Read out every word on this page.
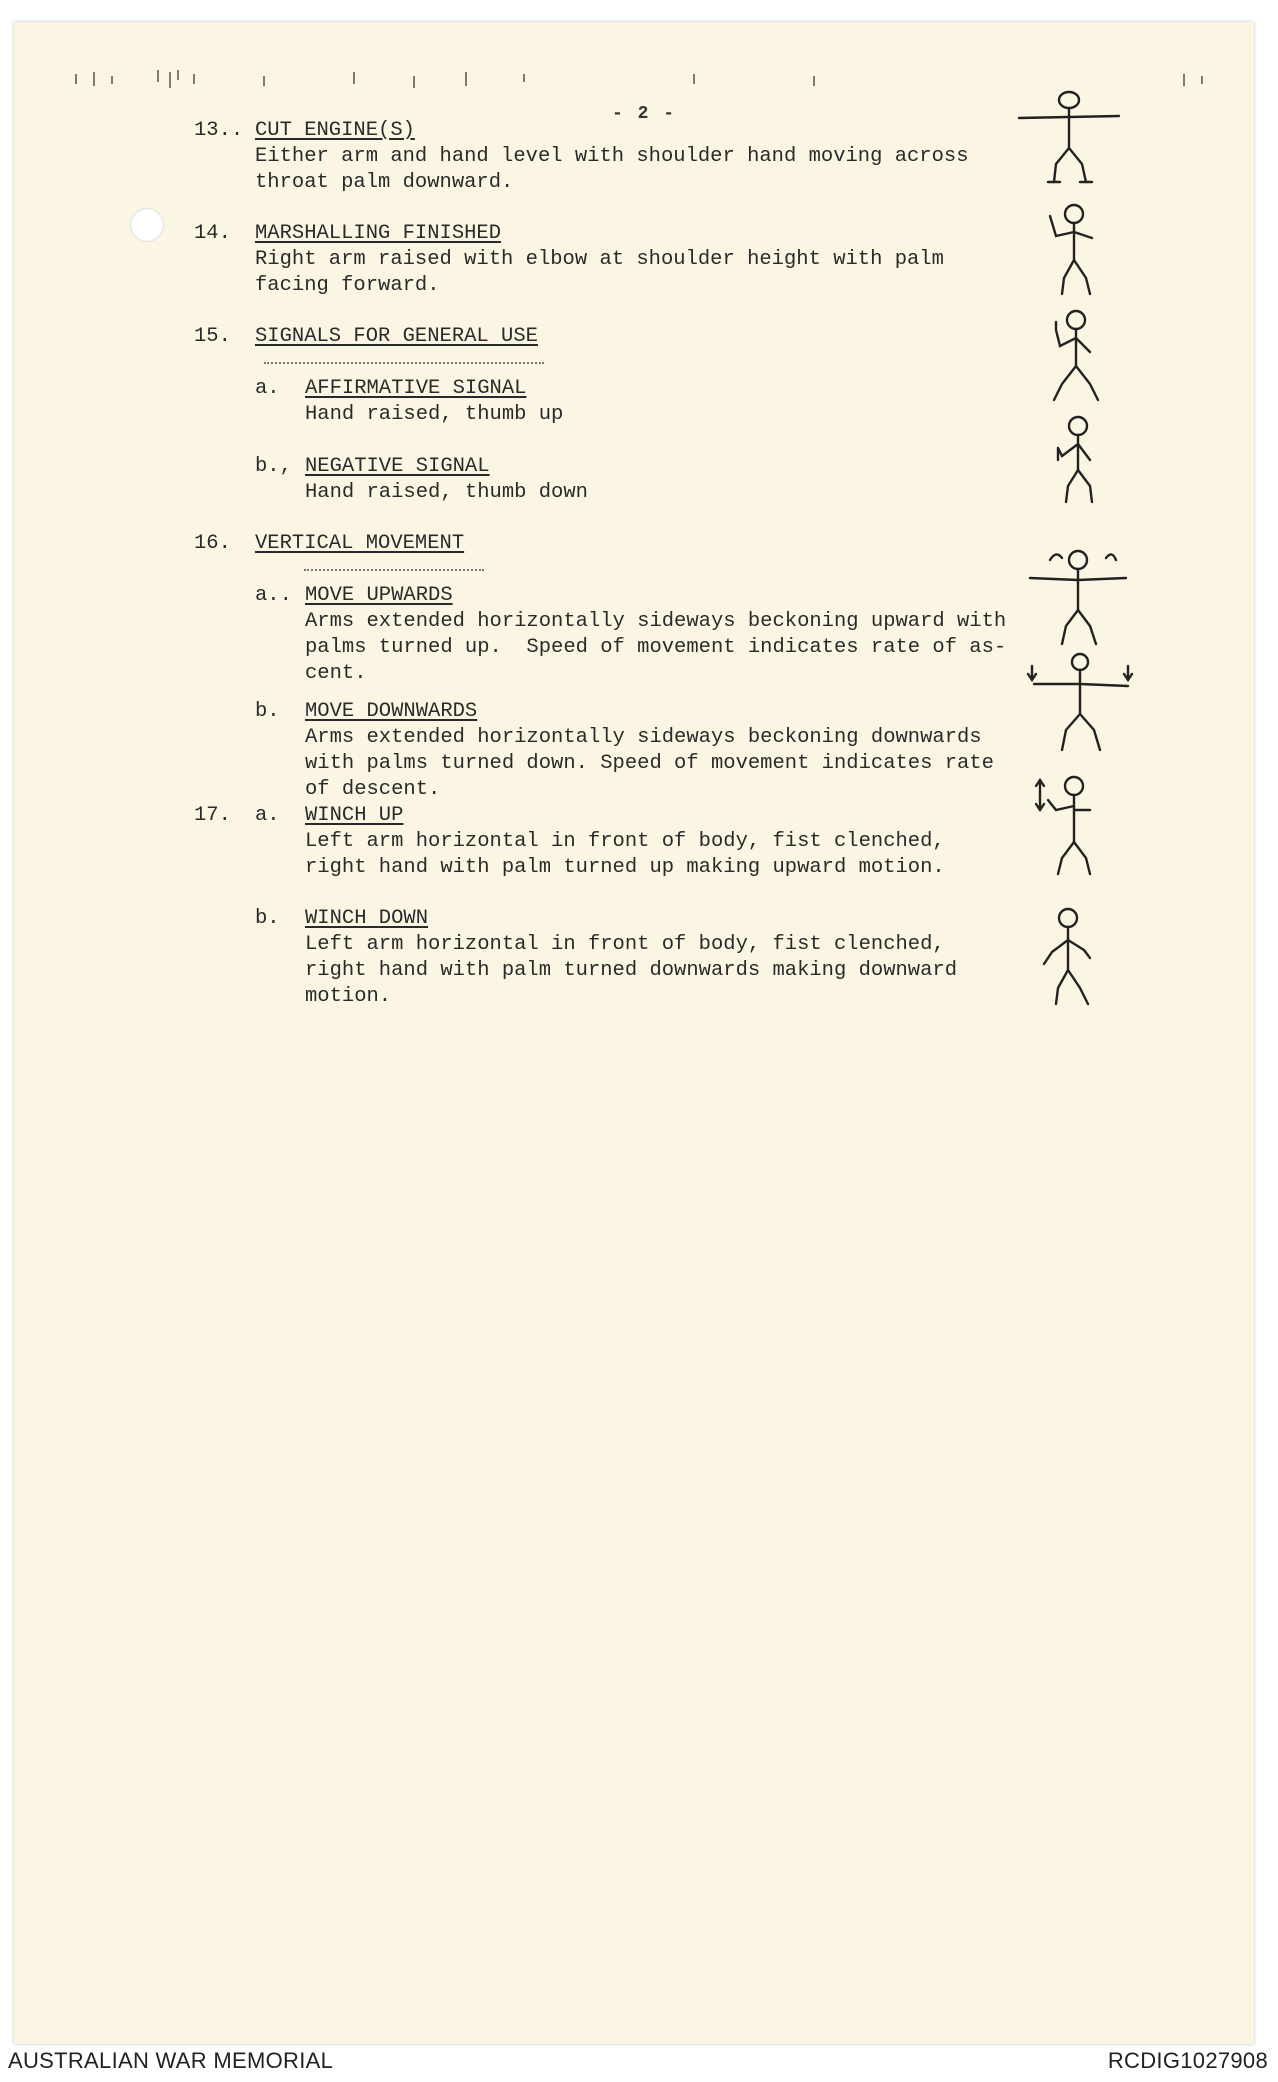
- 2 -
13.. CUT ENGINE(S)
Either arm and hand level with shoulder hand moving across
throat palm downward.
14. MARSHALLING FINISHED
Right arm raised with elbow at shoulder height with palm
facing forward.
15. SIGNALS FOR GENERAL USE
a. AFFIRMATIVE SIGNAL
Hand raised, thumb up
b., NEGATIVE SIGNAL
Hand raised, thumb down
16. VERTICAL MOVEMENT
a.. MOVE UPWARDS
Arms extended horizontally sideways beckoning upward with
palms turned up.  Speed of movement indicates rate of as-
cent.
b. MOVE DOWNWARDS
Arms extended horizontally sideways beckoning downwards
with palms turned down. Speed of movement indicates rate
of descent.
17. a. WINCH UP
Left arm horizontal in front of body, fist clenched,
right hand with palm turned up making upward motion.
b. WINCH DOWN
Left arm horizontal in front of body, fist clenched,
right hand with palm turned downwards making downward
motion.
AUSTRALIAN WAR MEMORIAL	RCDIG1027908
